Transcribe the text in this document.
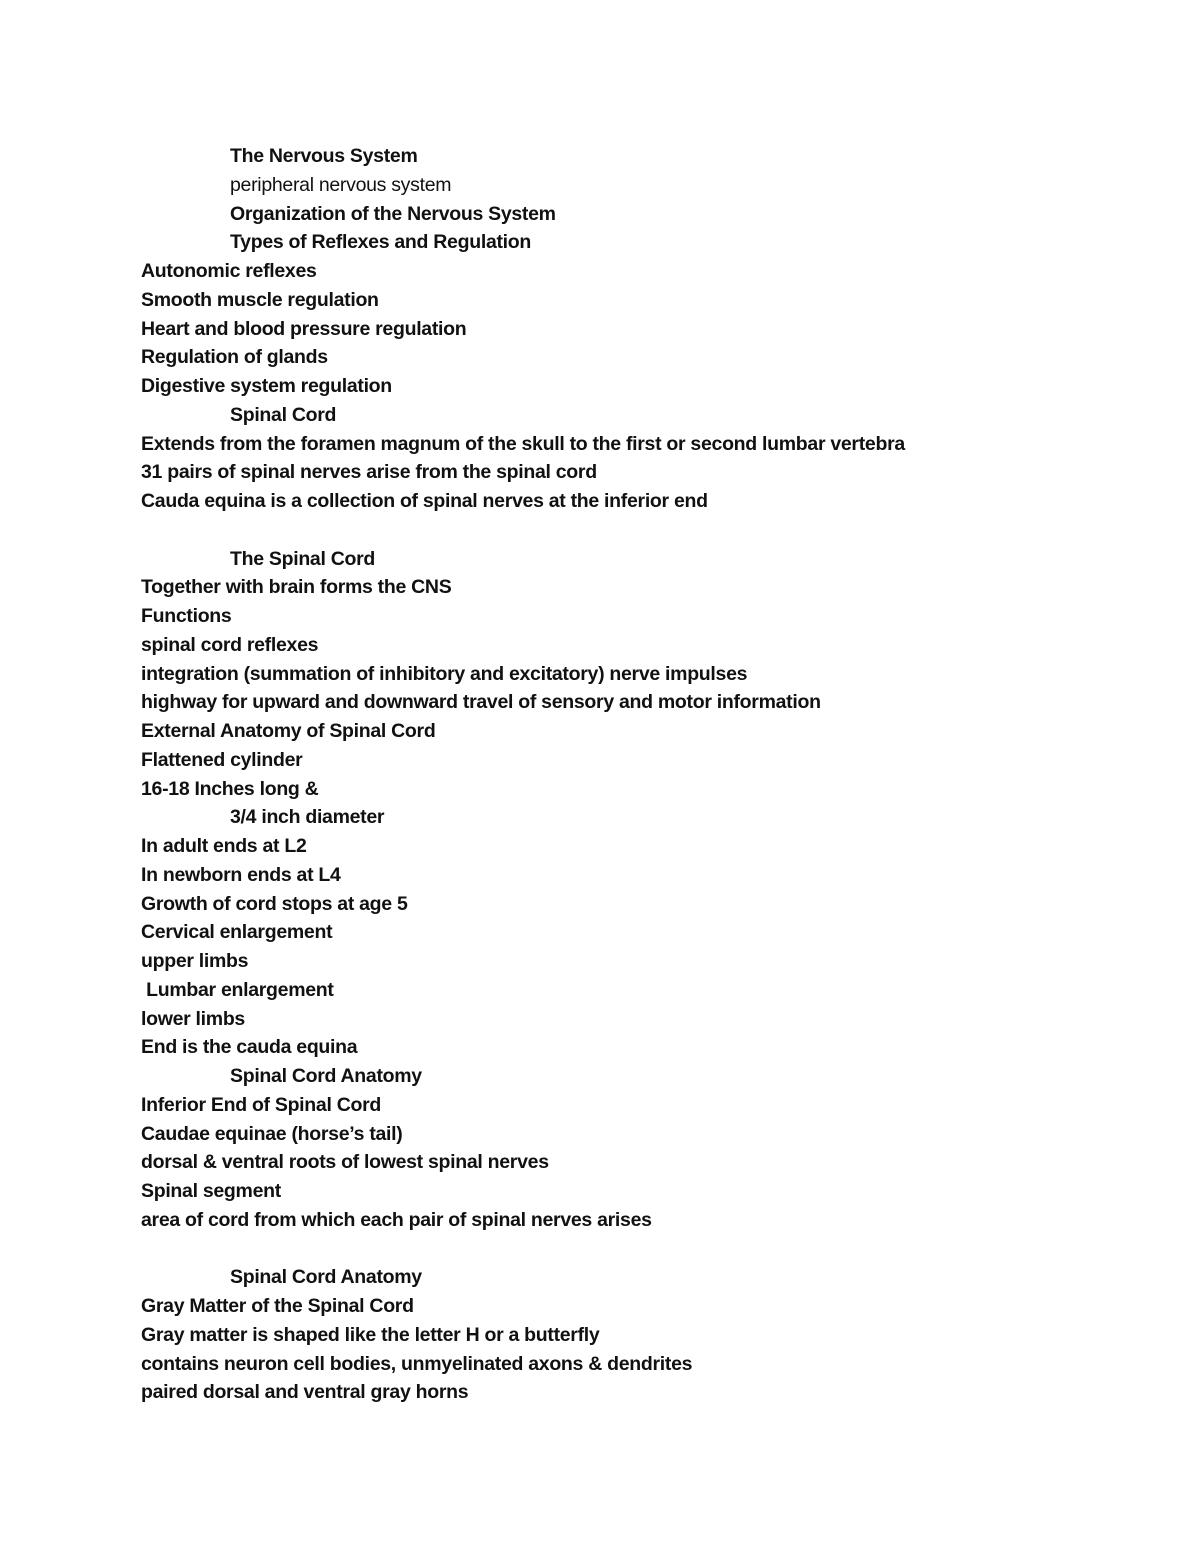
The Nervous System
peripheral nervous system
Organization of the Nervous System
Types of Reflexes and Regulation
Autonomic reflexes
Smooth muscle regulation
Heart and blood pressure regulation
Regulation of glands
Digestive system regulation
Spinal Cord
Extends from the foramen magnum of the skull to the first or second lumbar vertebra
31 pairs of spinal nerves arise from the spinal cord
Cauda equina is a collection of spinal nerves at the inferior end
The Spinal Cord
Together with brain forms the CNS
Functions
spinal cord reflexes
integration (summation of inhibitory and excitatory) nerve impulses
highway for upward and downward travel of sensory and motor information
External Anatomy of Spinal Cord
Flattened cylinder
16-18 Inches long &
3/4 inch diameter
In adult ends at L2
In newborn ends at L4
Growth of cord stops at age 5
Cervical enlargement
upper limbs
Lumbar enlargement
lower limbs
End is the cauda equina
Spinal Cord Anatomy
Inferior End of Spinal Cord
Caudae equinae (horse’s tail)
dorsal & ventral roots of lowest spinal nerves
Spinal segment
area of cord from which each pair of spinal nerves arises
Spinal Cord Anatomy
Gray Matter of the Spinal Cord
Gray matter is shaped like the letter H or a butterfly
contains neuron cell bodies, unmyelinated axons & dendrites
paired dorsal and ventral gray horns
